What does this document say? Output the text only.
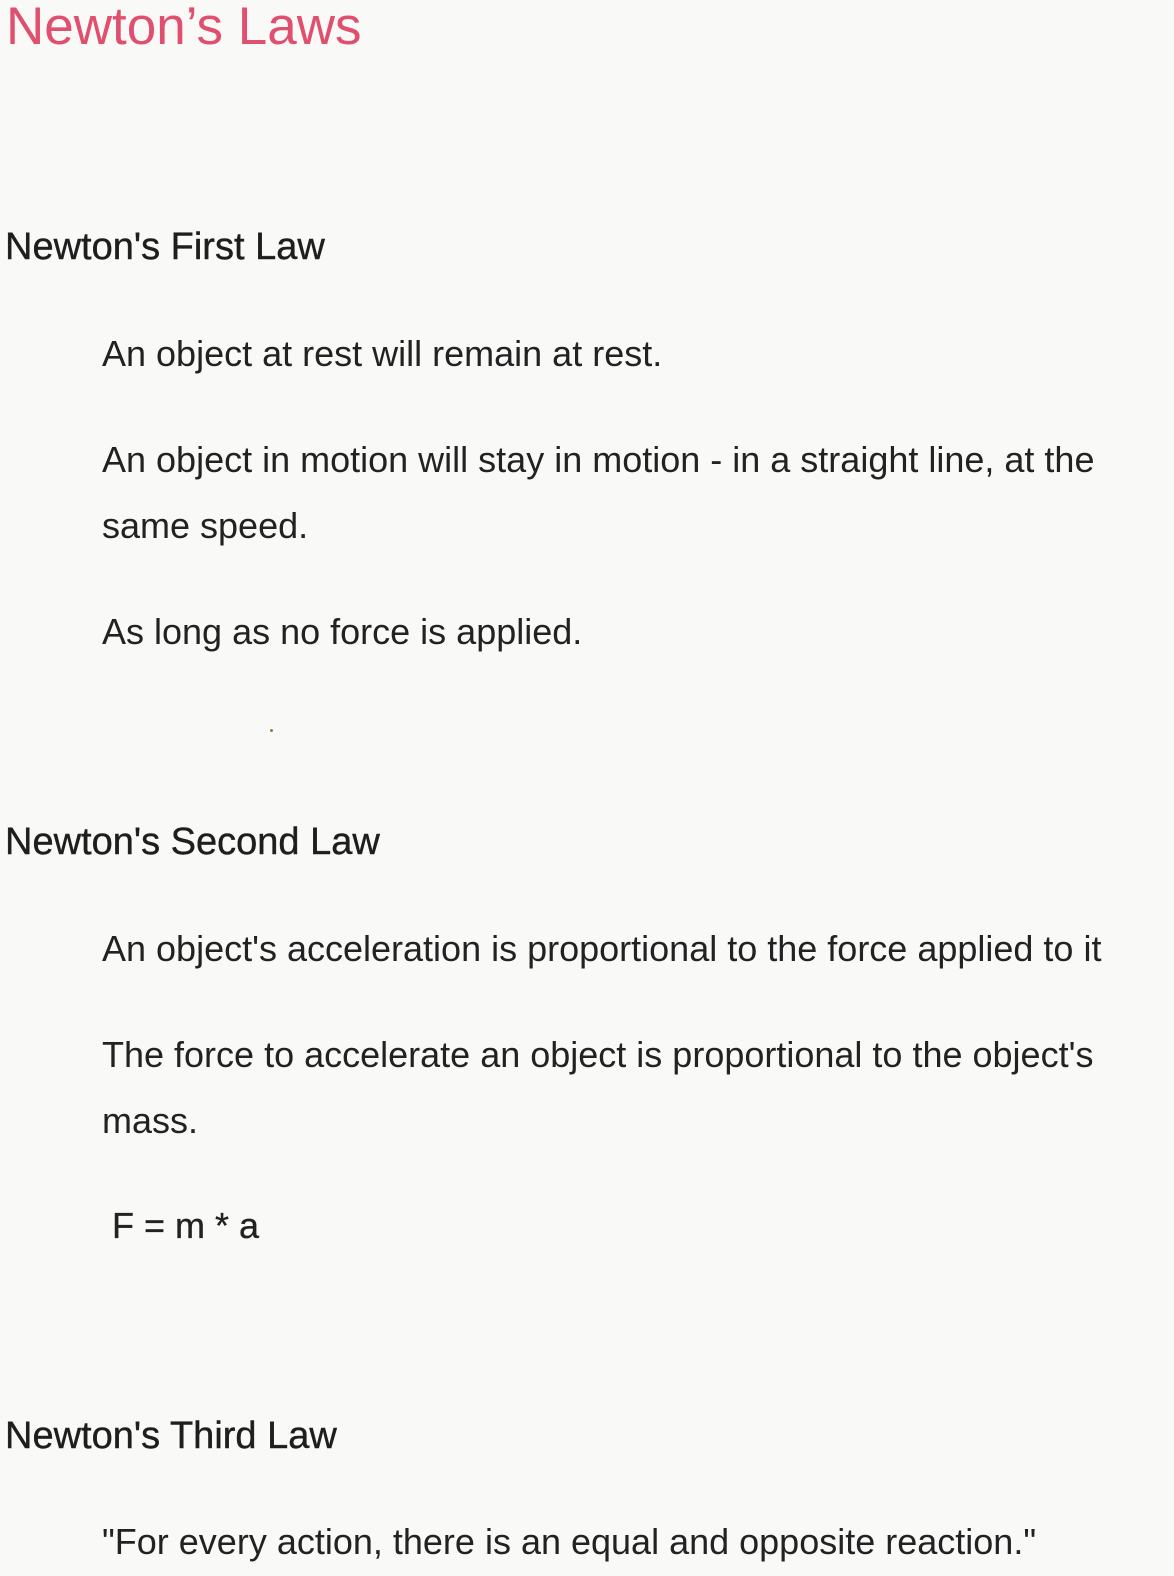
Newton’s Laws
Newton's First Law

An object at rest will remain at rest.

An object in motion will stay in motion - in a straight line, at the

same speed.

As long as no force is applied.

Newton's Second Law

An object's acceleration is proportional to the force applied to it

The force to accelerate an object is proportional to the object's

mass.

F = m * a

Newton's Third Law

"For every action, there is an equal and opposite reaction."
